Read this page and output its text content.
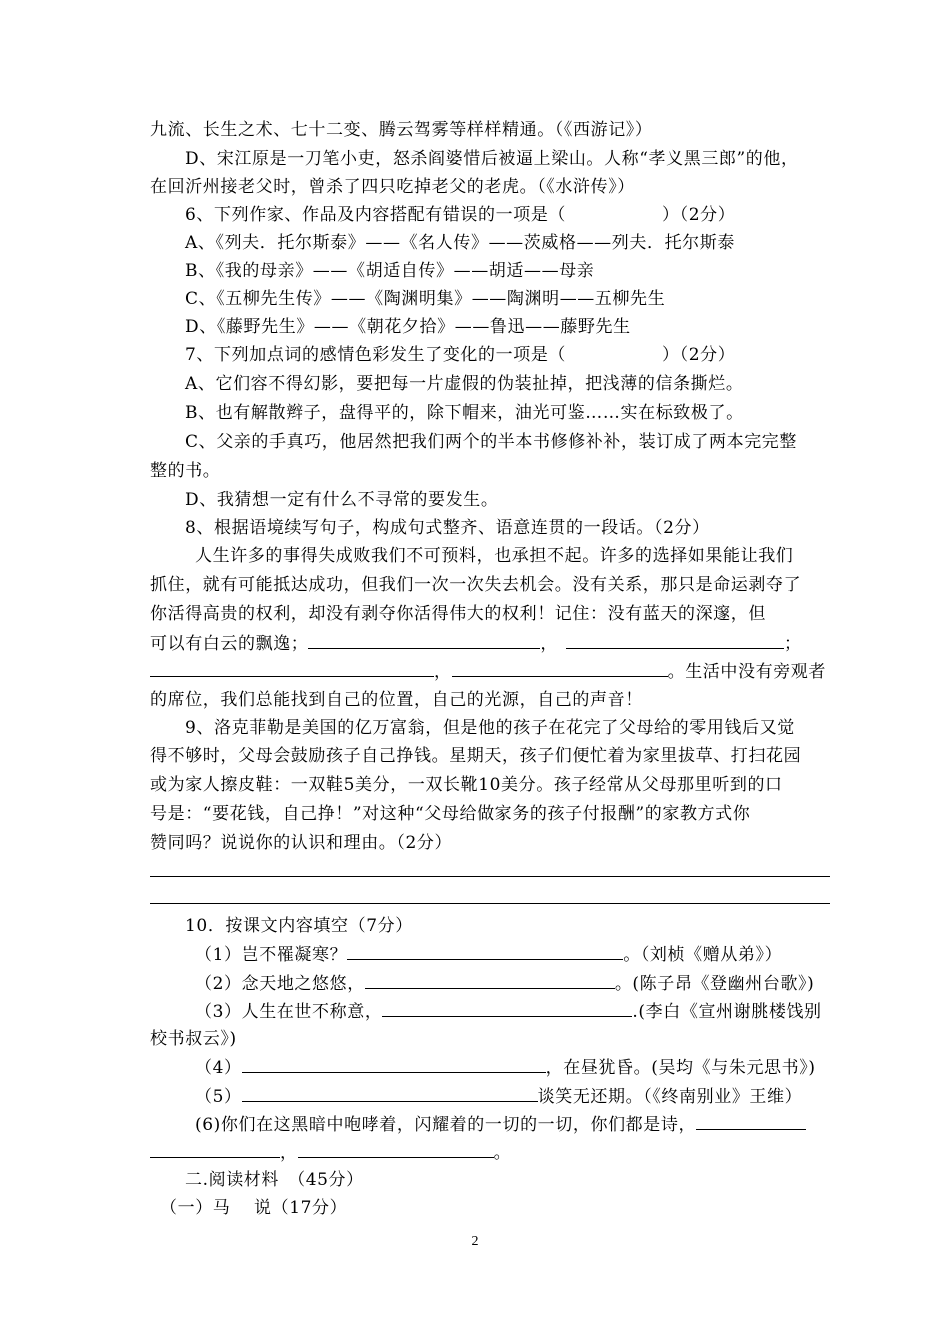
九流、长生之术、七十二变、腾云驾雾等样样精通。（《西游记》）
D、宋江原是一刀笔小吏，怒杀阎婆惜后被逼上梁山。人称“孝义黑三郎”的他，
在回沂州接老父时，曾杀了四只吃掉老父的老虎。（《水浒传》）
6、下列作家、作品及内容搭配有错误的一项是（	）（2分）
A、《列夫．托尔斯泰》——《名人传》——茨威格——列夫．托尔斯泰
B、《我的母亲》——《胡适自传》——胡适——母亲
C、《五柳先生传》——《陶渊明集》——陶渊明——五柳先生
D、《藤野先生》——《朝花夕拾》——鲁迅——藤野先生
7、下列加点词的感情色彩发生了变化的一项是（	）（2分）
A、它们容不得幻影，要把每一片虚假的伪装扯掉，把浅薄的信条撕烂。
B、也有解散辫子，盘得平的，除下帽来，油光可鉴……实在标致极了。
C、父亲的手真巧，他居然把我们两个的半本书修修补补，装订成了两本完完整
整的书。
D、我猜想一定有什么不寻常的要发生。
8、根据语境续写句子，构成句式整齐、语意连贯的一段话。（2分）
人生许多的事得失成败我们不可预料，也承担不起。许多的选择如果能让我们
抓住，就有可能抵达成功，但我们一次一次失去机会。没有关系，那只是命运剥夺了
你活得高贵的权利，却没有剥夺你活得伟大的权利！记住：没有蓝天的深邃，但
可以有白云的飘逸；	，	；
，	。生活中没有旁观者
的席位，我们总能找到自己的位置，自己的光源，自己的声音！
9、洛克菲勒是美国的亿万富翁，但是他的孩子在花完了父母给的零用钱后又觉
得不够时，父母会鼓励孩子自己挣钱。星期天，孩子们便忙着为家里拔草、打扫花园
或为家人擦皮鞋：一双鞋5美分，一双长靴10美分。孩子经常从父母那里听到的口
号是：“要花钱，自己挣！”对这种“父母给做家务的孩子付报酬”的家教方式你
赞同吗？说说你的认识和理由。（2分）
10．按课文内容填空（7分）
（1）岂不罹凝寒？	。（刘桢《赠从弟》）
（2）念天地之悠悠，	。(陈子昂《登幽州台歌》)
（3）人生在世不称意，	.(李白《宣州谢朓楼饯别
校书叔云》)
（4）	，在昼犹昏。(吴均《与朱元思书》)
（5）	谈笑无还期。（《终南别业》王维）
(6)你们在这黑暗中咆哮着，闪耀着的一切的一切，你们都是诗，
，	。
二.阅读材料　（45分）
（一）马　 说（17分）
2
